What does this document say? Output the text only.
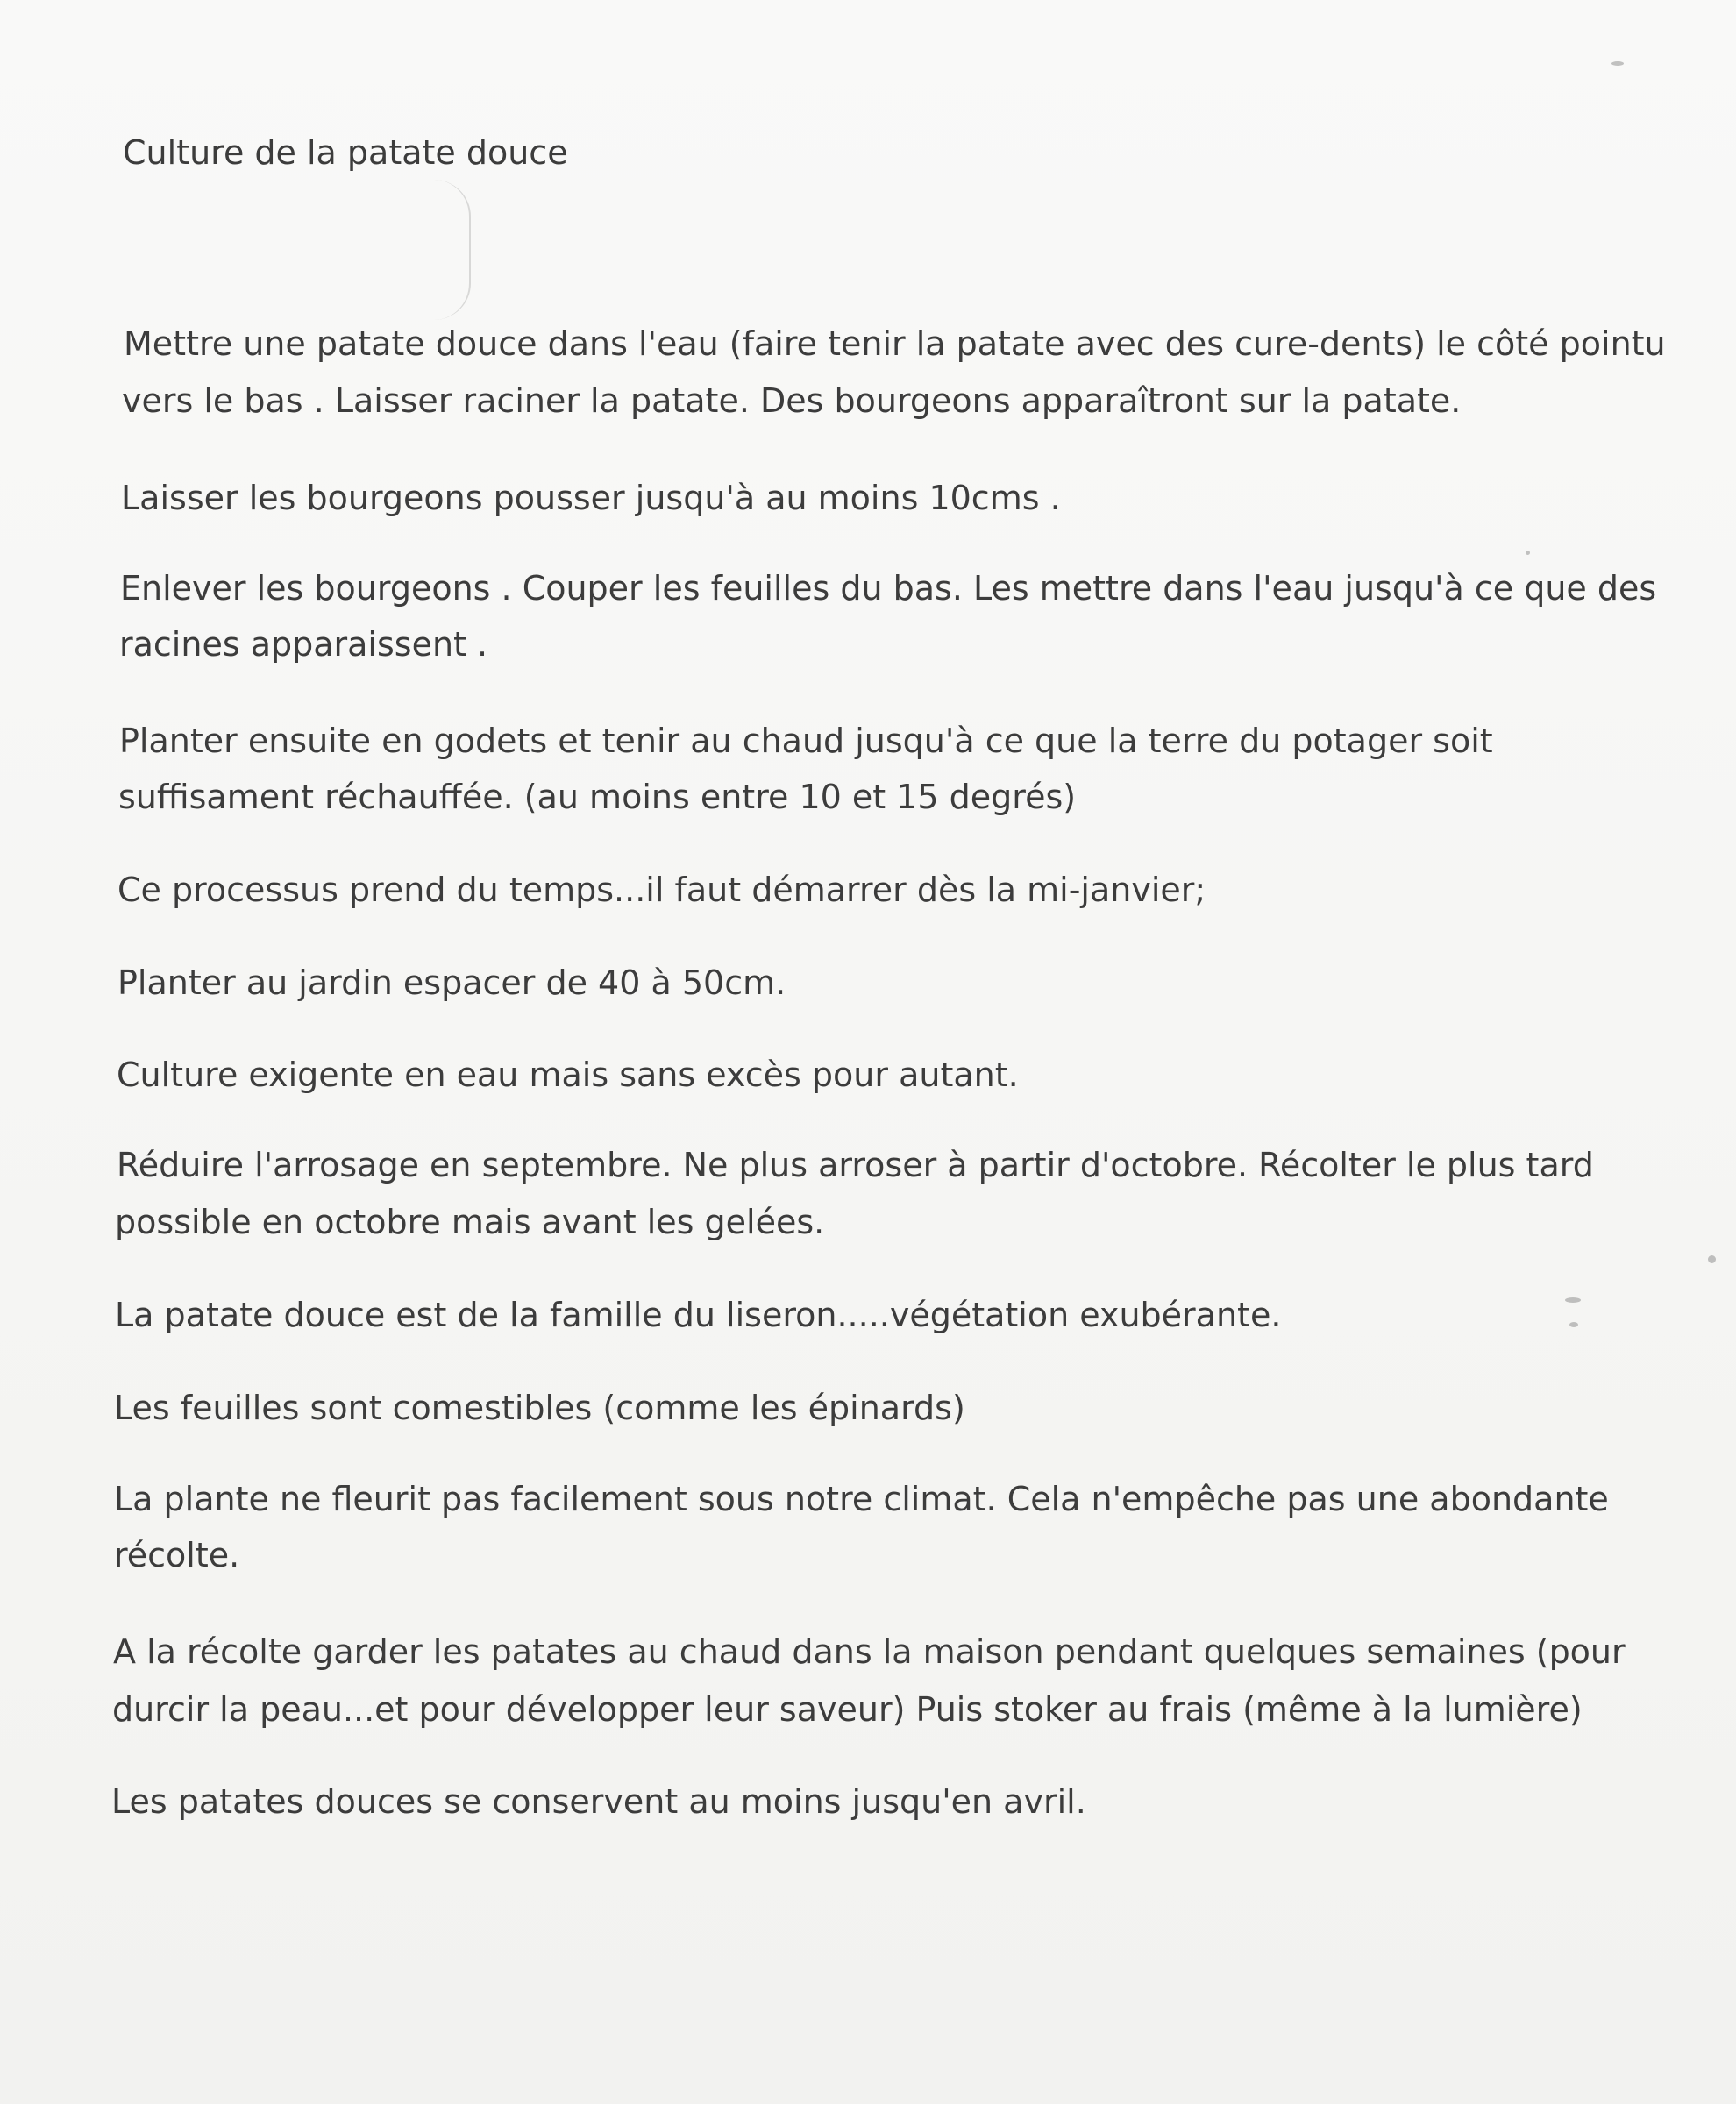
Culture de la patate douce
Mettre une patate douce dans l'eau (faire tenir la patate avec des cure-dents) le côté pointu
vers le bas . Laisser raciner la patate. Des bourgeons apparaîtront sur la patate.
Laisser les bourgeons pousser jusqu'à au moins 10cms .
Enlever les bourgeons . Couper les feuilles du bas. Les mettre dans l'eau jusqu'à ce que des
racines apparaissent .
Planter ensuite en godets et tenir au chaud jusqu'à ce que la terre du potager soit
suffisament réchauffée. (au moins entre 10 et 15 degrés)
Ce processus prend du temps...il faut démarrer dès la mi-janvier;
Planter au jardin espacer de 40 à 50cm.
Culture exigente en eau mais sans excès pour autant.
Réduire l'arrosage en septembre. Ne plus arroser à partir d'octobre. Récolter le plus tard
possible en octobre mais avant les gelées.
La patate douce est de la famille du liseron.....végétation exubérante.
Les feuilles sont comestibles (comme les épinards)
La plante ne fleurit pas facilement sous notre climat. Cela n'empêche pas une abondante
récolte.
A la récolte garder les patates au chaud dans la maison pendant quelques semaines (pour
durcir la peau...et pour développer leur saveur) Puis stoker au frais (même à la lumière)
Les patates douces se conservent au moins jusqu'en avril.
